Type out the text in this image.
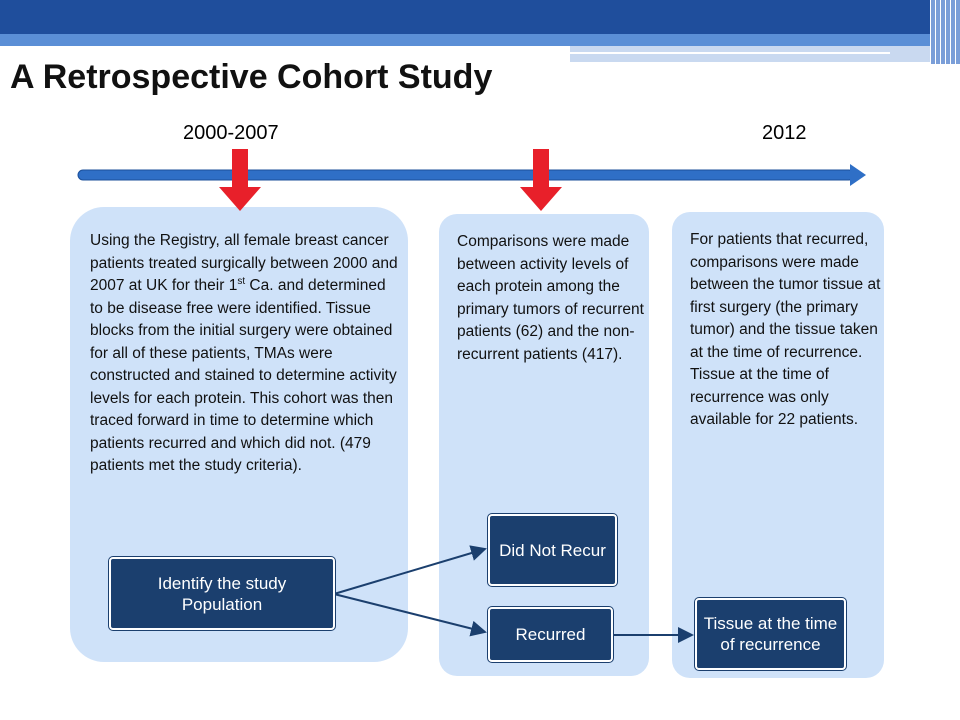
A Retrospective Cohort Study
2000-2007	2012
Using the Registry, all female breast cancer patients treated surgically between 2000 and 2007 at UK for their 1st Ca. and determined to be disease free were identified. Tissue blocks from the initial surgery were obtained for all of these patients, TMAs were constructed and stained to determine activity levels for each protein. This cohort was then traced forward in time to determine which patients recurred and which did not. (479 patients met the study criteria).
Comparisons were made between activity levels of each protein among the primary tumors of recurrent patients (62) and the non-recurrent patients (417).
For patients that recurred, comparisons were made between the tumor tissue at first surgery (the primary tumor) and the tissue taken at the time of recurrence. Tissue at the time of recurrence was only available for 22 patients.
Identify the study Population
Did Not Recur
Recurred
Tissue at the time of recurrence
